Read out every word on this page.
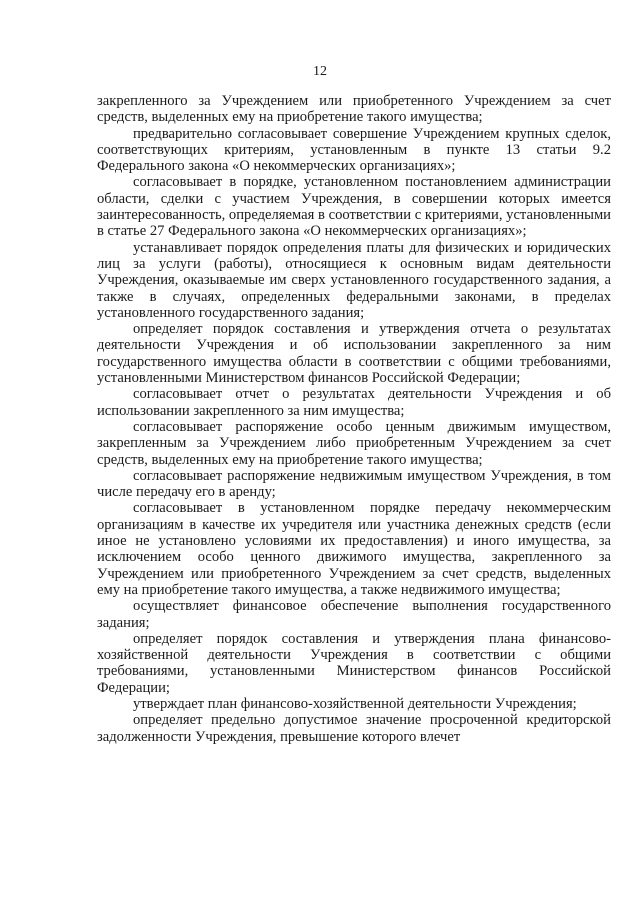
12

закрепленного за Учреждением или приобретенного Учреждением за счет средств, выделенных ему на приобретение такого имущества;

предварительно согласовывает совершение Учреждением крупных сделок, соответствующих критериям, установленным в пункте 13 статьи 9.2 Федерального закона «О некоммерческих организациях»;

согласовывает в порядке, установленном постановлением администрации области, сделки с участием Учреждения, в совершении которых имеется заинтересованность, определяемая в соответствии с критериями, установленными в статье 27 Федерального закона «О некоммерческих организациях»;

устанавливает порядок определения платы для физических и юридических лиц за услуги (работы), относящиеся к основным видам деятельности Учреждения, оказываемые им сверх установленного государственного задания, а также в случаях, определенных федеральными законами, в пределах установленного государственного задания;

определяет порядок составления и утверждения отчета о результатах деятельности Учреждения и об использовании закрепленного за ним государственного имущества области в соответствии с общими требованиями, установленными Министерством финансов Российской Федерации;

согласовывает отчет о результатах деятельности Учреждения и об использовании закрепленного за ним имущества;

согласовывает распоряжение особо ценным движимым имуществом, закрепленным за Учреждением либо приобретенным Учреждением за счет средств, выделенных ему на приобретение такого имущества;

согласовывает распоряжение недвижимым имуществом Учреждения, в том числе передачу его в аренду;

согласовывает в установленном порядке передачу некоммерческим организациям в качестве их учредителя или участника денежных средств (если иное не установлено условиями их предоставления) и иного имущества, за исключением особо ценного движимого имущества, закрепленного за Учреждением или приобретенного Учреждением за счет средств, выделенных ему на приобретение такого имущества, а также недвижимого имущества;

осуществляет финансовое обеспечение выполнения государственного задания;

определяет порядок составления и утверждения плана финансово-хозяйственной деятельности Учреждения в соответствии с общими требованиями, установленными Министерством финансов Российской Федерации;

утверждает план финансово-хозяйственной деятельности Учреждения;

определяет предельно допустимое значение просроченной кредиторской задолженности Учреждения, превышение которого влечет
